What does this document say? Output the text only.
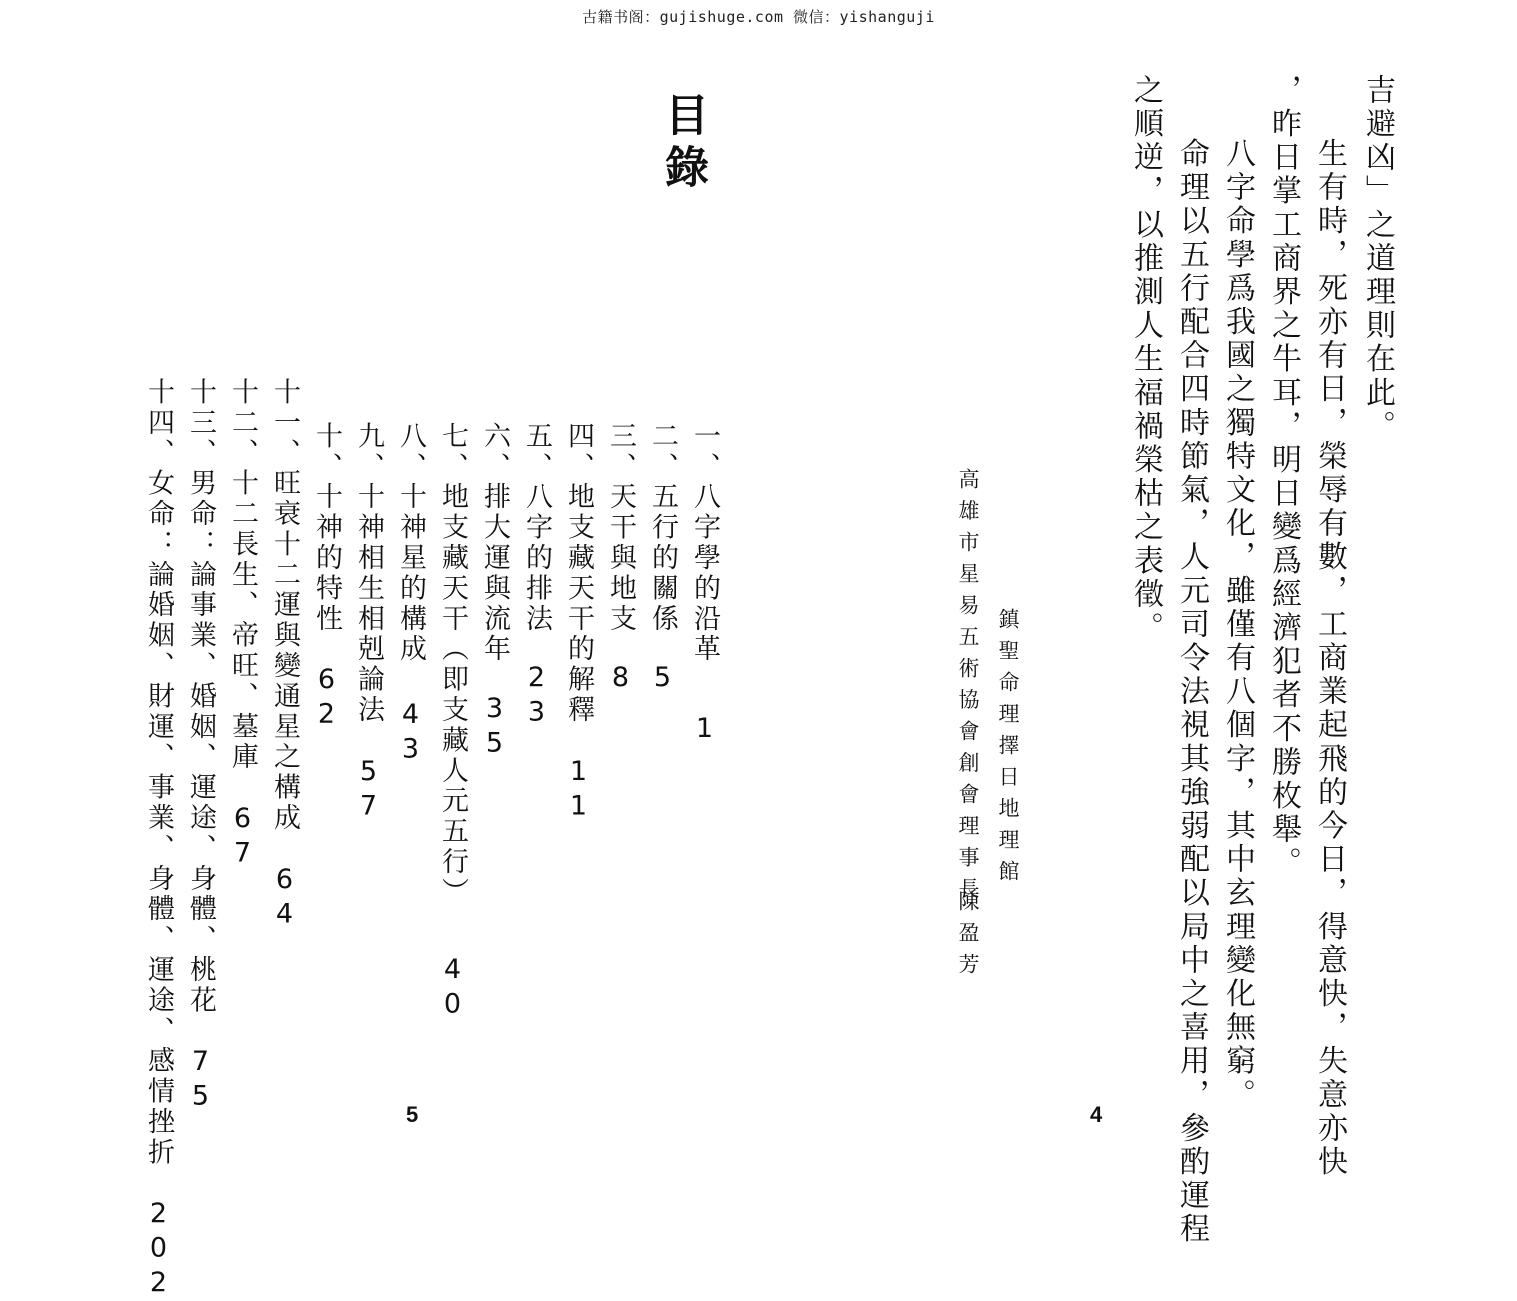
古籍书阁：gujishuge.com 微信：yishanguji
吉避凶」之道理則在此。
　生有時，死亦有日，榮辱有數，工商業起飛的今日，得意快，失意亦快
，昨日掌工商界之牛耳，明日變爲經濟犯者不勝枚舉。
　八字命學爲我國之獨特文化，雖僅有八個字，其中玄理變化無窮。
　命理以五行配合四時節氣，人元司令法視其強弱配以局中之喜用，參酌運程
之順逆，以推測人生福禍榮枯之表徵。
鎮聖命理擇日地理館
高雄市星易五術協會創會理事長
陳盈芳
4
目錄

一、八字學的沿革1

二、五行的關係5

三、天干與地支8

四、地支藏天干的解釋11

五、八字的排法23

六、排大運與流年35

七、地支藏天干（即支藏人元五行）40

八、十神星的構成43

九、十神相生相剋論法57

十、十神的特性62

十一、旺衰十二運與變通星之構成64

十二、十二長生、帝旺、墓庫67

十三、男命：論事業、婚姻、運途、身體、桃花75

十四、女命：論婚姻、財運、事業、身體、運途、感情挫折202

5
